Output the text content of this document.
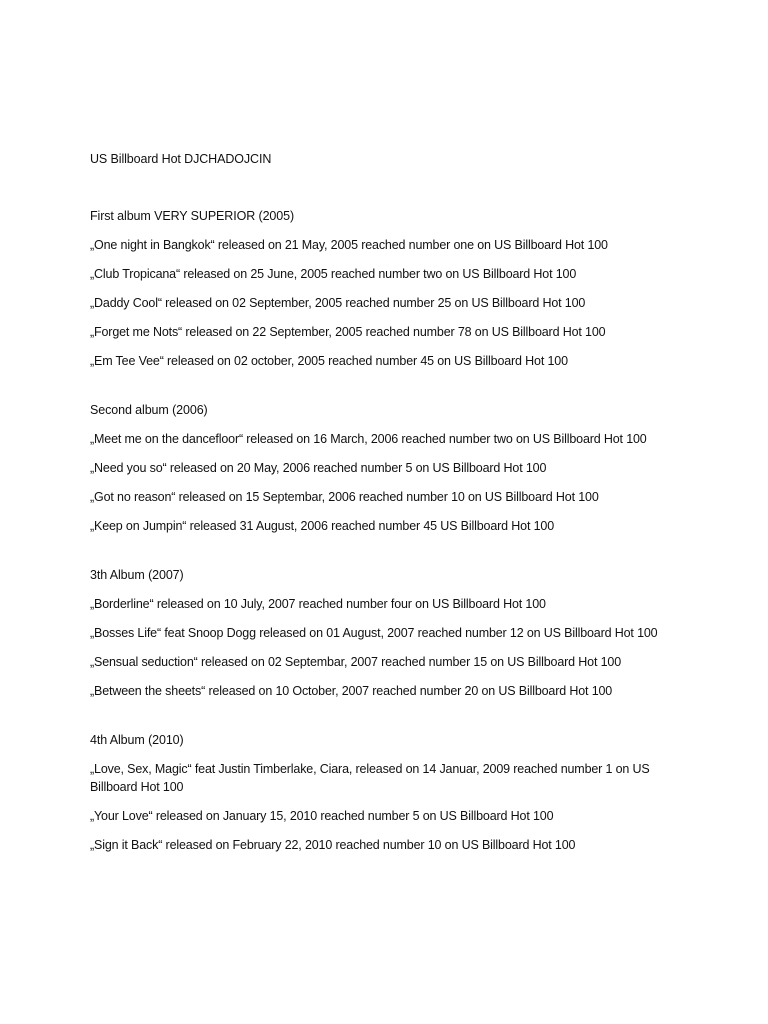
US Billboard Hot DJCHADOJCIN
First album VERY SUPERIOR (2005)
„One night in Bangkok“ released on 21 May, 2005 reached number one on US Billboard Hot 100
„Club Tropicana“ released on 25 June, 2005 reached number two on US Billboard Hot 100
„Daddy Cool“ released on 02 September, 2005 reached number 25 on US Billboard Hot 100
„Forget me Nots“ released on 22 September, 2005 reached number 78 on US Billboard Hot 100
„Em Tee Vee“ released on 02 october, 2005 reached number 45 on US Billboard Hot 100
Second album (2006)
„Meet me on the dancefloor“ released on 16 March, 2006 reached number two on US Billboard Hot 100
„Need you so“ released on 20 May, 2006 reached number 5 on US Billboard Hot 100
„Got no reason“ released on 15 Septembar, 2006 reached number 10 on US Billboard Hot 100
„Keep on Jumpin“ released 31 August, 2006 reached number 45 US Billboard Hot 100
3th Album (2007)
„Borderline“ released on 10 July, 2007 reached number four on US Billboard Hot 100
„Bosses Life“ feat Snoop Dogg released on 01 August, 2007 reached number 12 on US Billboard Hot 100
„Sensual seduction“ released on 02 Septembar, 2007 reached number 15 on US Billboard Hot 100
„Between the sheets“ released on 10 October, 2007 reached number 20 on US Billboard Hot 100
4th Album (2010)
„Love, Sex, Magic“ feat Justin Timberlake, Ciara, released on 14 Januar, 2009 reached number 1 on US Billboard Hot 100
„Your Love“ released on January 15, 2010 reached number 5 on US Billboard Hot 100
„Sign it Back“ released on February 22, 2010 reached number 10 on US Billboard Hot 100
